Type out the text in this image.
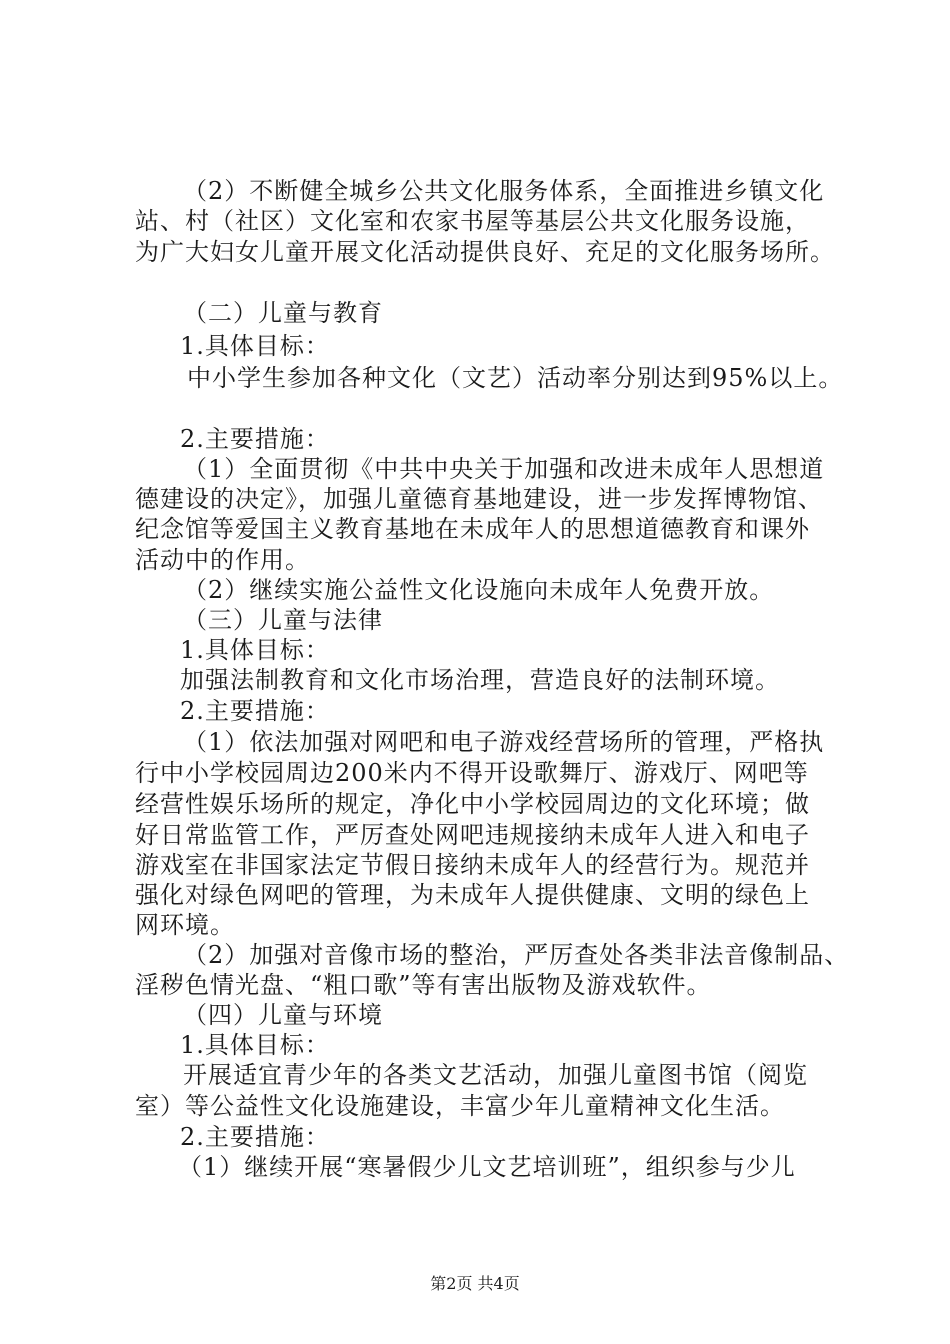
（2）不断健全城乡公共文化服务体系，全面推进乡镇文化
站、村（社区）文化室和农家书屋等基层公共文化服务设施，
为广大妇女儿童开展文化活动提供良好、充足的文化服务场所。
（二）儿童与教育
1.具体目标：
中小学生参加各种文化（文艺）活动率分别达到95%以上。
2.主要措施：
（1）全面贯彻《中共中央关于加强和改进未成年人思想道
德建设的决定》，加强儿童德育基地建设，进一步发挥博物馆、
纪念馆等爱国主义教育基地在未成年人的思想道德教育和课外
活动中的作用。
（2）继续实施公益性文化设施向未成年人免费开放。
（三）儿童与法律
1.具体目标：
加强法制教育和文化市场治理，营造良好的法制环境。
2.主要措施：
（1）依法加强对网吧和电子游戏经营场所的管理，严格执
行中小学校园周边200米内不得开设歌舞厅、游戏厅、网吧等
经营性娱乐场所的规定，净化中小学校园周边的文化环境；做
好日常监管工作，严厉查处网吧违规接纳未成年人进入和电子
游戏室在非国家法定节假日接纳未成年人的经营行为。规范并
强化对绿色网吧的管理，为未成年人提供健康、文明的绿色上
网环境。
（2）加强对音像市场的整治，严厉查处各类非法音像制品、
淫秽色情光盘、“粗口歌”等有害出版物及游戏软件。
（四）儿童与环境
1.具体目标：
开展适宜青少年的各类文艺活动，加强儿童图书馆（阅览
室）等公益性文化设施建设，丰富少年儿童精神文化生活。
2.主要措施：
（1）继续开展“寒暑假少儿文艺培训班”，组织参与少儿
第2页 共4页
